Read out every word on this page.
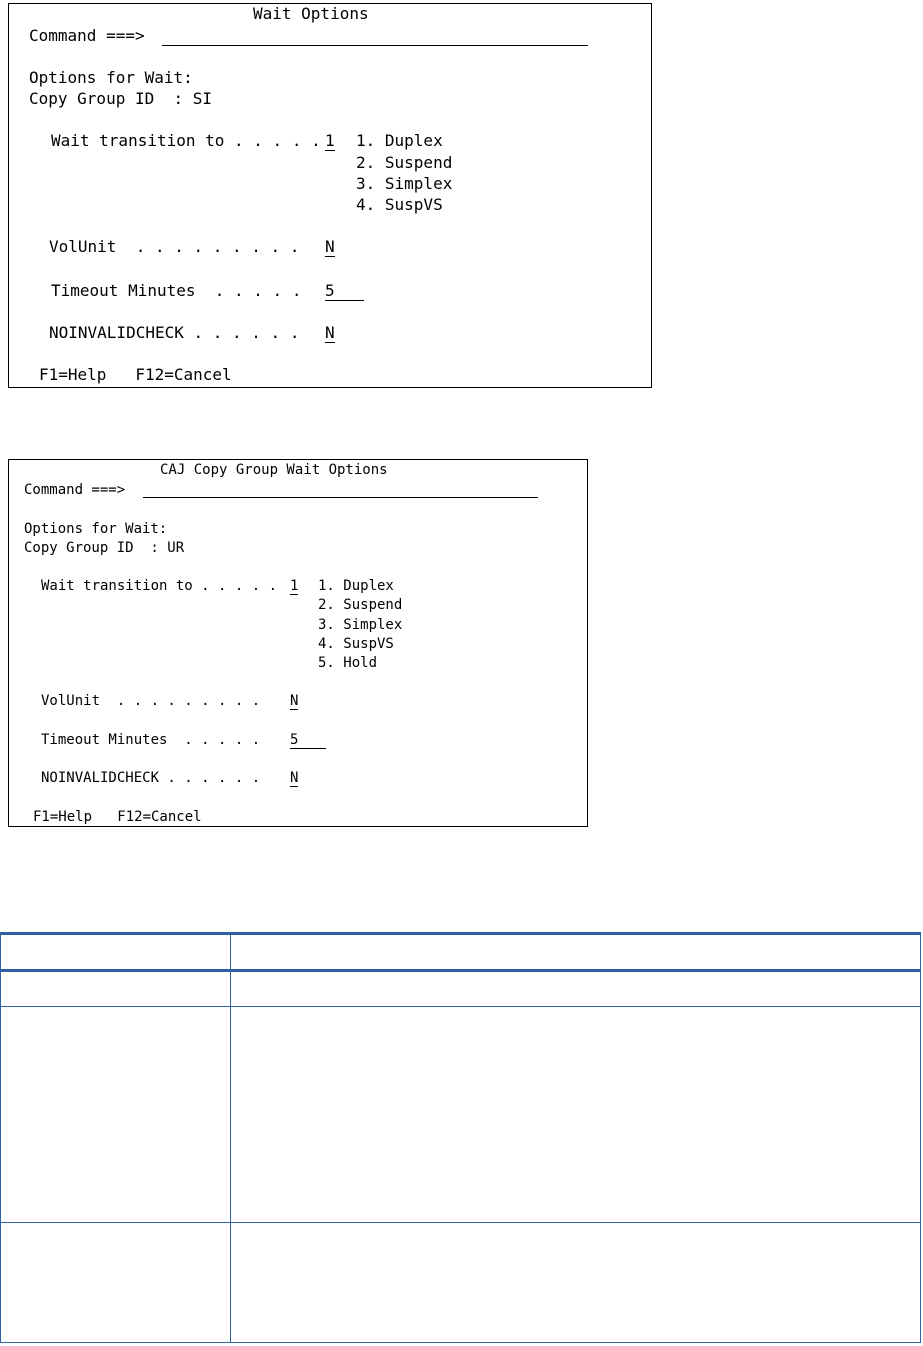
Wait Options
Command ===>
Options for Wait:
Copy Group ID  : SI
Wait transition to . . . . . 1 1. Duplex
2. Suspend
3. Simplex
4. SuspVS
VolUnit  . . . . . . . . . N
Timeout Minutes  . . . . . 5
NOINVALIDCHECK . . . . . . N
F1=Help   F12=Cancel
CAJ Copy Group Wait Options
Command ===>
Options for Wait:
Copy Group ID  : UR
Wait transition to . . . . . 1 1. Duplex
2. Suspend
3. Simplex
4. SuspVS
5. Hold
VolUnit  . . . . . . . . . N
Timeout Minutes  . . . . . 5
NOINVALIDCHECK . . . . . . N
F1=Help   F12=Cancel
